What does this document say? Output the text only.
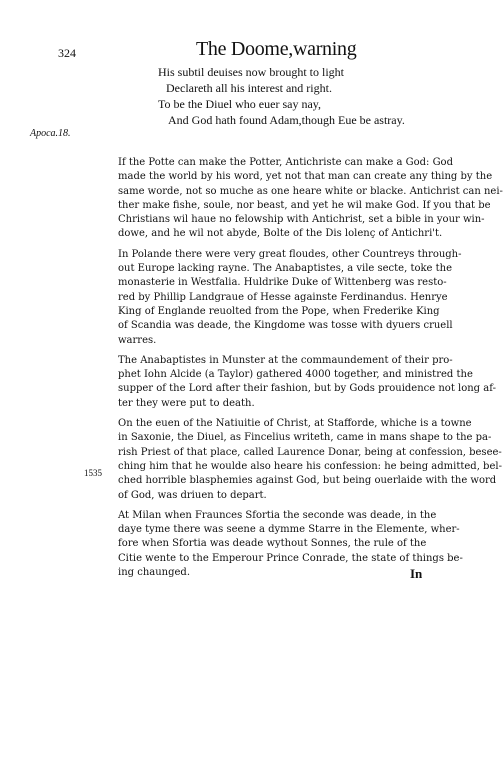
324	The Doome,warning
His subtil deuises now brought to light
Declareth all his interest and right.
To be the Diuel who euer say nay,
And God hath found Adam,though Eue be astray.
Apoca.18.
1535
If the Potte can make the Potter, Antichriste can make a God: God
made the world by his word, yet not that man can create any thing by the
same worde, not so muche as one heare white or blacke. Antichrist can nei-
ther make fishe, soule, nor beast, and yet he wil make God. If you that be
Christians wil haue no felowship with Antichrist, set a bible in your win-
dowe, and he wil not abyde, Bolte of the Dis lolenç of Antichri't.
In Polande there were very great floudes, other Countreys through-
out Europe lacking rayne. The Anabaptistes, a vile secte, toke the
monasterie in Westfalia. Huldrike Duke of Wittenberg was resto-
red by Phillip Landgraue of Hesse againste Ferdinandus. Henrye
King of Englande reuolted from the Pope, when Frederike King
of Scandia was deade, the Kingdome was tosse with dyuers cruell
warres.
The Anabaptistes in Munster at the commaundement of their pro-
phet Iohn Alcide (a Taylor) gathered 4000 together, and ministred the
supper of the Lord after their fashion, but by Gods prouidence not long af-
ter they were put to death.
On the euen of the Natiuitie of Christ, at Stafforde, whiche is a towne
in Saxonie, the Diuel, as Fincelius writeth, came in mans shape to the pa-
rish Priest of that place, called Laurence Donar, being at confession, besee-
ching him that he woulde also heare his confession: he being admitted, bel-
ched horrible blasphemies against God, but being ouerlaide with the word
of God, was driuen to depart.
At Milan when Fraunces Sfortia the seconde was deade, in the
daye tyme there was seene a dymme Starre in the Elemente, wher-
fore when Sfortia was deade wythout Sonnes, the rule of the
Citie wente to the Emperour Prince Conrade, the state of things be-
ing chaunged.	In
